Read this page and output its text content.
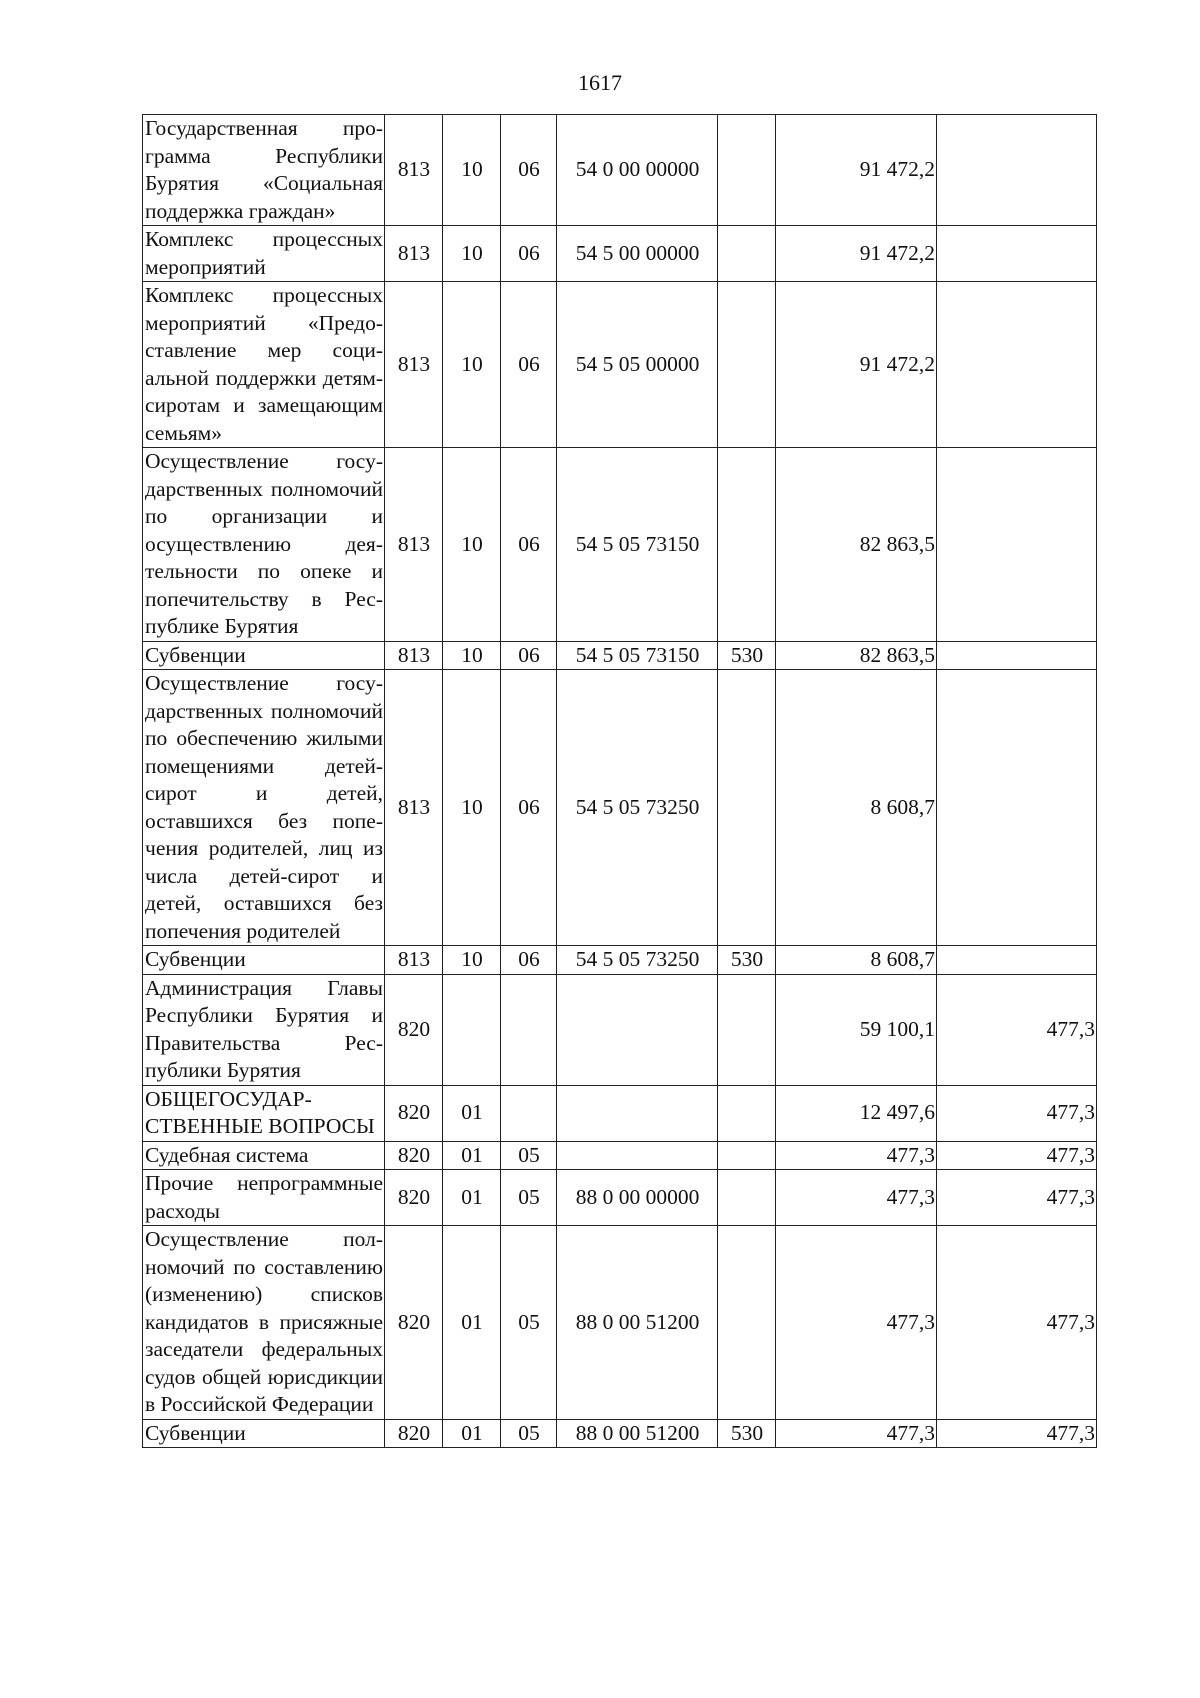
1617
Государственная программа Республики Бурятия «Социальная поддержка граждан»	813	10	06	54 0 00 00000		91 472,2	
Комплекс процессных мероприятий	813	10	06	54 5 00 00000		91 472,2	
Комплекс процессных мероприятий «Предоставление мер социальной поддержки детям-сиротам и замещающим семьям»	813	10	06	54 5 05 00000		91 472,2	
Осуществление государственных полномочий по организации и осуществлению деятельности по опеке и попечительству в Республике Бурятия	813	10	06	54 5 05 73150		82 863,5	
Субвенции	813	10	06	54 5 05 73150	530	82 863,5	
Осуществление государственных полномочий по обеспечению жилыми помещениями детей-сирот и детей, оставшихся без попечения родителей, лиц из числа детей-сирот и детей, оставшихся без попечения родителей	813	10	06	54 5 05 73250		8 608,7	
Субвенции	813	10	06	54 5 05 73250	530	8 608,7	
Администрация Главы Республики Бурятия и Правительства Республики Бурятия	820					59 100,1	477,3
ОБЩЕГОСУДАРСТВЕННЫЕ ВОПРОСЫ	820	01				12 497,6	477,3
Судебная система	820	01	05			477,3	477,3
Прочие непрограммные расходы	820	01	05	88 0 00 00000		477,3	477,3
Осуществление полномочий по составлению (изменению) списков кандидатов в присяжные заседатели федеральных судов общей юрисдикции в Российской Федерации	820	01	05	88 0 00 51200		477,3	477,3
Субвенции	820	01	05	88 0 00 51200	530	477,3	477,3
